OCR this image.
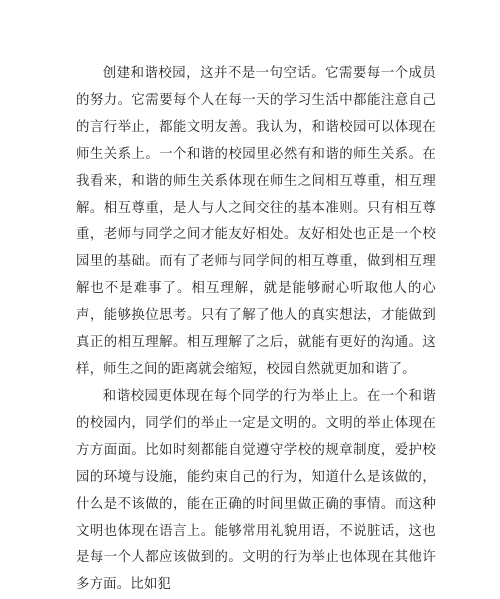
创建和谐校园，这并不是一句空话。它需要每一个成员的努力。它需要每个人在每一天的学习生活中都能注意自己的言行举止，都能文明友善。我认为，和谐校园可以体现在师生关系上。一个和谐的校园里必然有和谐的师生关系。在我看来，和谐的师生关系体现在师生之间相互尊重，相互理解。相互尊重，是人与人之间交往的基本准则。只有相互尊重，老师与同学之间才能友好相处。友好相处也正是一个校园里的基础。而有了老师与同学间的相互尊重，做到相互理解也不是难事了。相互理解，就是能够耐心听取他人的心声，能够换位思考。只有了解了他人的真实想法，才能做到真正的相互理解。相互理解了之后，就能有更好的沟通。这样，师生之间的距离就会缩短，校园自然就更加和谐了。

和谐校园更体现在每个同学的行为举止上。在一个和谐的校园内，同学们的举止一定是文明的。文明的举止体现在方方面面。比如时刻都能自觉遵守学校的规章制度，爱护校园的环境与设施，能约束自己的行为，知道什么是该做的，什么是不该做的，能在正确的时间里做正确的事情。而这种文明也体现在语言上。能够常用礼貌用语，不说脏话，这也是每一个人都应该做到的。文明的行为举止也体现在其他许多方面。比如犯
